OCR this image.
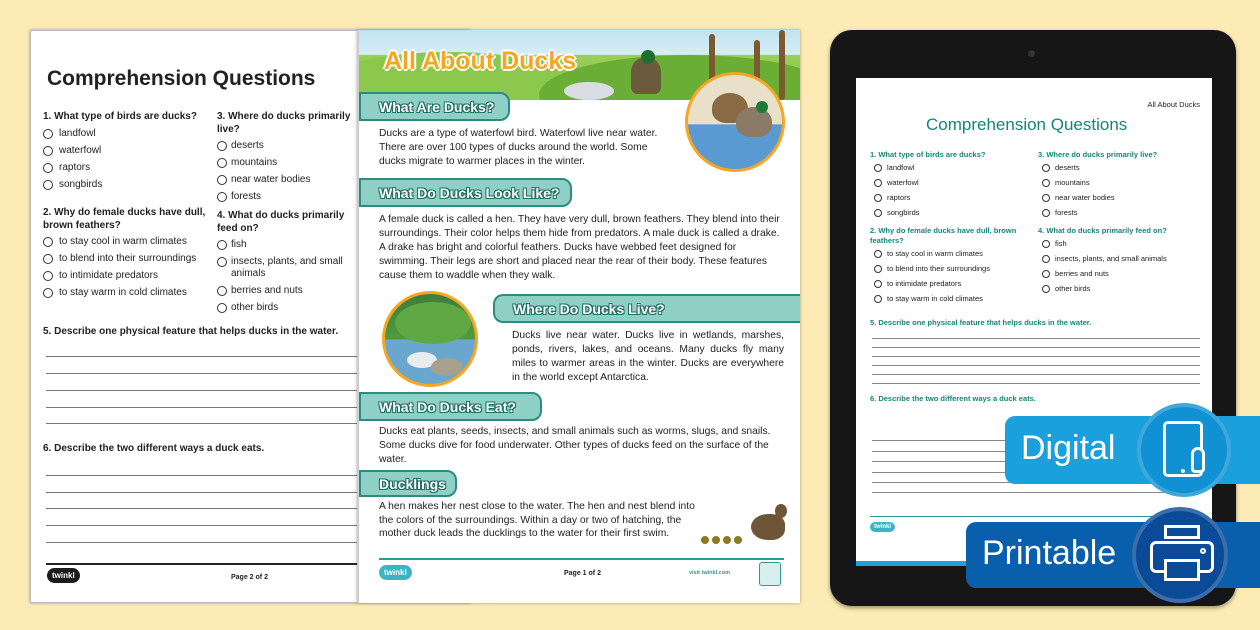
Comprehension Questions
1. What type of birds are ducks?
landfowl
waterfowl
raptors
songbirds
2. Why do female ducks have dull, brown feathers?
to stay cool in warm climates
to blend into their surroundings
to intimidate predators
to stay warm in cold climates
3. Where do ducks primarily live?
deserts
mountains
near water bodies
forests
4. What do ducks primarily feed on?
fish
insects, plants, and small animals
berries and nuts
other birds
5. Describe one physical feature that helps ducks in the water.
6. Describe the two different ways a duck eats.
twinkl	Page 2 of 2
All About Ducks
What Are Ducks?
Ducks are a type of waterfowl bird. Waterfowl live near water. There are over 100 types of ducks around the world. Some ducks migrate to warmer places in the winter.
What Do Ducks Look Like?
A female duck is called a hen. They have very dull, brown feathers. They blend into their surroundings. Their color helps them hide from predators. A male duck is called a drake. A drake has bright and colorful feathers. Ducks have webbed feet designed for swimming. Their legs are short and placed near the rear of their body. These features cause them to waddle when they walk.
Where Do Ducks Live?
Ducks live near water. Ducks live in wetlands, marshes, ponds, rivers, lakes, and oceans. Many ducks fly many miles to warmer areas in the winter. Ducks are everywhere in the world except Antarctica.
What Do Ducks Eat?
Ducks eat plants, seeds, insects, and small animals such as worms, slugs, and snails. Some ducks dive for food underwater. Other types of ducks feed on the surface of the water.
Ducklings
A hen makes her nest close to the water. The hen and nest blend into the colors of the surroundings. Within a day or two of hatching, the mother duck leads the ducklings to the water for their first swim.
twinkl	Page 1 of 2	visit twinkl.com
All About Ducks
Comprehension Questions
1. What type of birds are ducks?
landfowl
waterfowl
raptors
songbirds
2. Why do female ducks have dull, brown feathers?
to stay cool in warm climates
to blend into their surroundings
to intimidate predators
to stay warm in cold climates
3. Where do ducks primarily live?
deserts
mountains
near water bodies
forests
4. What do ducks primarily feed on?
fish
insects, plants, and small animals
berries and nuts
other birds
5. Describe one physical feature that helps ducks in the water.
6. Describe the two different ways a duck eats.
twinkl
Digital
Printable
